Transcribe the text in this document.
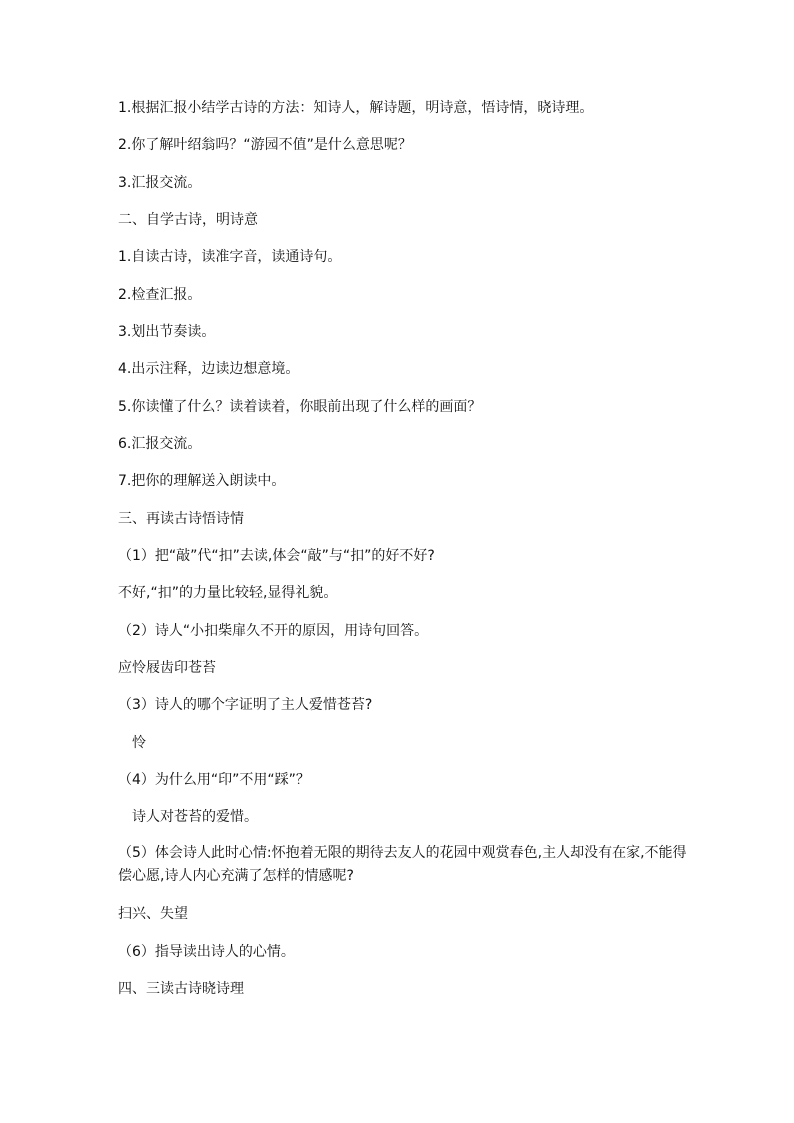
1.根据汇报小结学古诗的方法：知诗人，解诗题，明诗意，悟诗情，晓诗理。
2.你了解叶绍翁吗？“游园不值”是什么意思呢？
3.汇报交流。
二、自学古诗，明诗意
1.自读古诗，读准字音，读通诗句。
2.检查汇报。
3.划出节奏读。
4.出示注释，边读边想意境。
5.你读懂了什么？读着读着，你眼前出现了什么样的画面？
6.汇报交流。
7.把你的理解送入朗读中。
三、再读古诗悟诗情
（1）把“敲”代“扣”去读,体会“敲”与“扣”的好不好?
不好,“扣”的力量比较轻,显得礼貌。
（2）诗人“小扣柴扉久不开的原因，用诗句回答。
应怜屐齿印苍苔
（3）诗人的哪个字证明了主人爱惜苍苔?
　怜
（4）为什么用“印”不用“踩”？
　诗人对苍苔的爱惜。
（5）体会诗人此时心情:怀抱着无限的期待去友人的花园中观赏春色,主人却没有在家,不能得偿心愿,诗人内心充满了怎样的情感呢?
扫兴、失望
（6）指导读出诗人的心情。
四、三读古诗晓诗理
